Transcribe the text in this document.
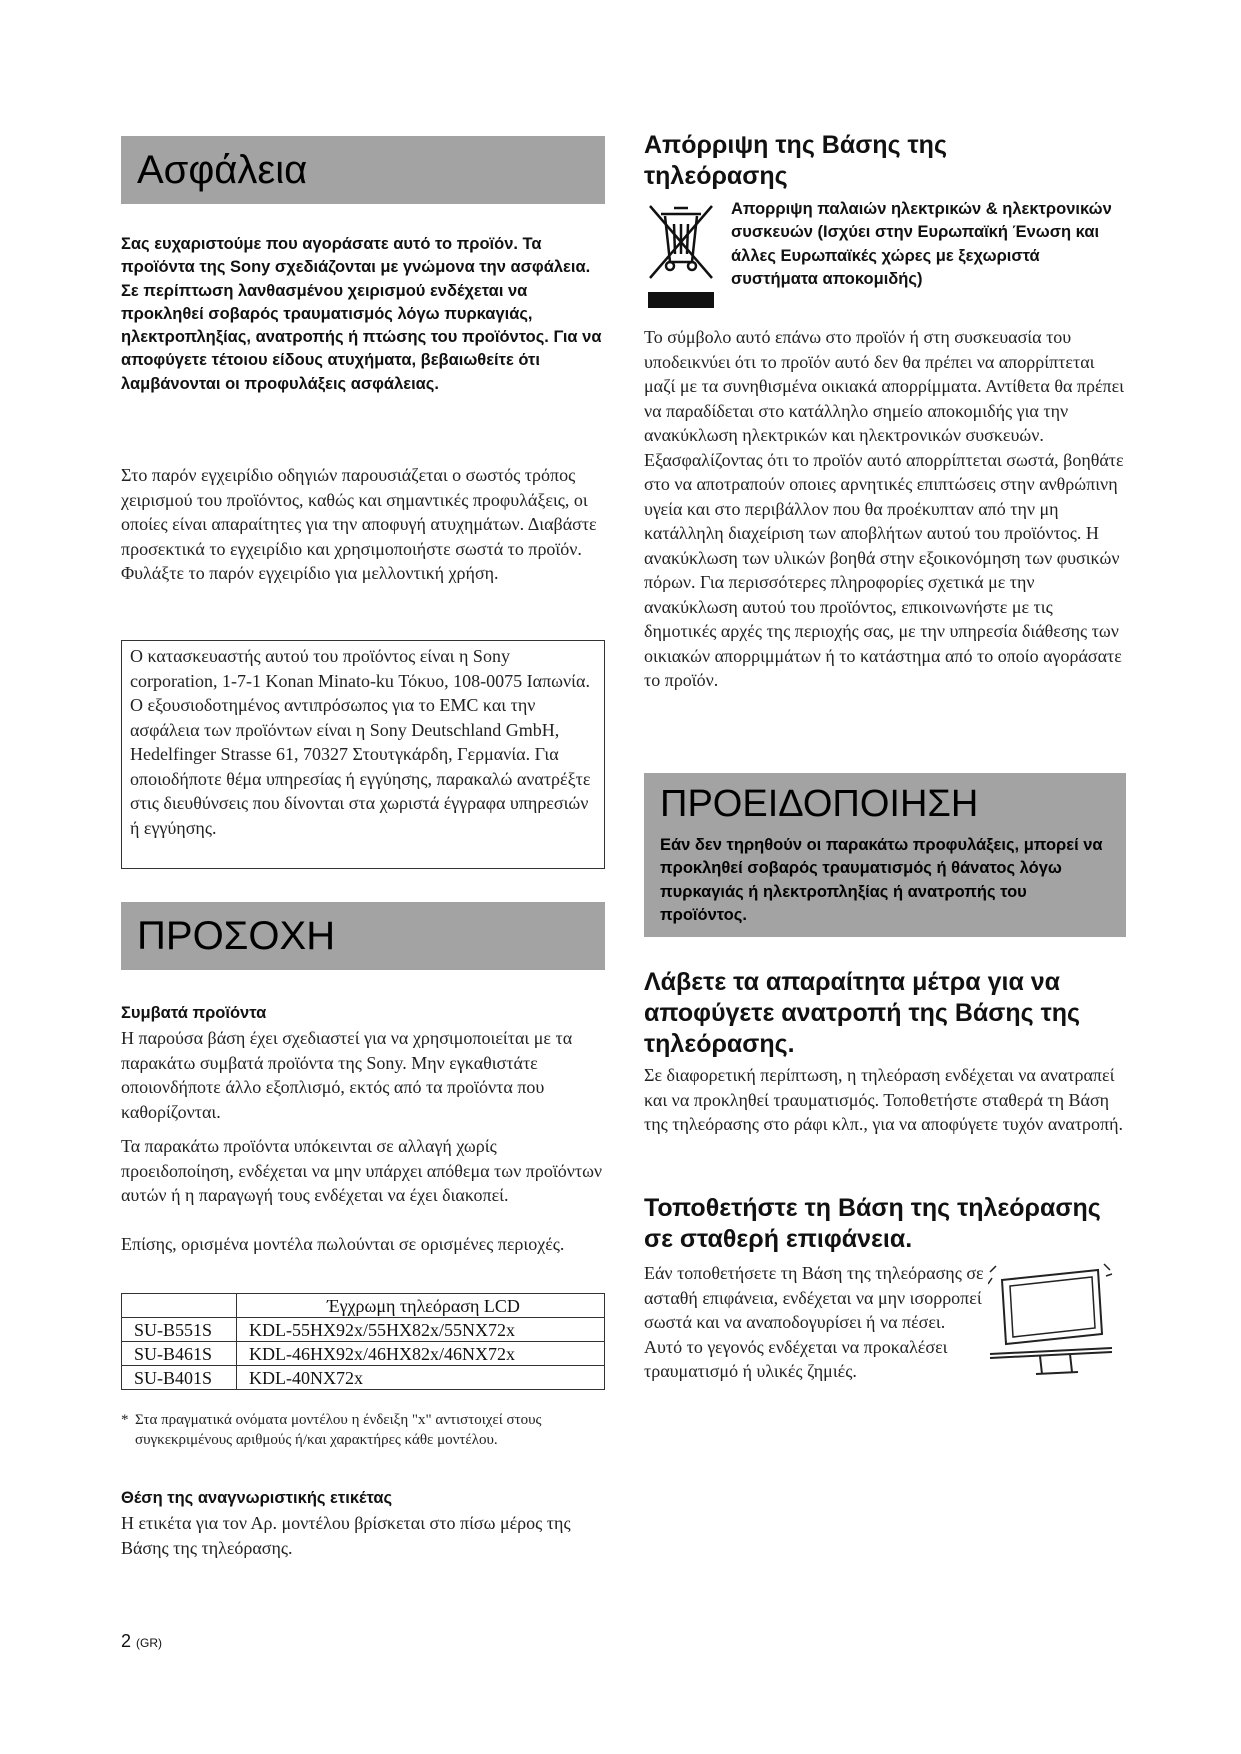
Ασφάλεια

Σας ευχαριστούμε που αγοράσατε αυτό το προϊόν. Τα προϊόντα της Sony σχεδιάζονται με γνώμονα την ασφάλεια. Σε περίπτωση λανθασμένου χειρισμού ενδέχεται να προκληθεί σοβαρός τραυματισμός λόγω πυρκαγιάς, ηλεκτροπληξίας, ανατροπής ή πτώσης του προϊόντος. Για να αποφύγετε τέτοιου είδους ατυχήματα, βεβαιωθείτε ότι λαμβάνονται οι προφυλάξεις ασφάλειας.

Στο παρόν εγχειρίδιο οδηγιών παρουσιάζεται ο σωστός τρόπος χειρισμού του προϊόντος, καθώς και σημαντικές προφυλάξεις, οι οποίες είναι απαραίτητες για την αποφυγή ατυχημάτων. Διαβάστε προσεκτικά το εγχειρίδιο και χρησιμοποιήστε σωστά το προϊόν. Φυλάξτε το παρόν εγχειρίδιο για μελλοντική χρήση.

Ο κατασκευαστής αυτού του προϊόντος είναι η Sony corporation, 1-7-1 Konan Minato-ku Τόκυο, 108-0075 Ιαπωνία. Ο εξουσιοδοτημένος αντιπρόσωπος για το EMC και την ασφάλεια των προϊόντων είναι η Sony Deutschland GmbH, Hedelfinger Strasse 61, 70327 Στουτγκάρδη, Γερμανία. Για οποιοδήποτε θέμα υπηρεσίας ή εγγύησης, παρακαλώ ανατρέξτε στις διευθύνσεις που δίνονται στα χωριστά έγγραφα υπηρεσιών ή εγγύησης.

ΠΡΟΣΟΧΗ
Συμβατά προϊόντα

Η παρούσα βάση έχει σχεδιαστεί για να χρησιμοποιείται με τα παρακάτω συμβατά προϊόντα της Sony. Μην εγκαθιστάτε οποιονδήποτε άλλο εξοπλισμό, εκτός από τα προϊόντα που καθορίζονται.

Τα παρακάτω προϊόντα υπόκεινται σε αλλαγή χωρίς προειδοποίηση, ενδέχεται να μην υπάρχει απόθεμα των προϊόντων αυτών ή η παραγωγή τους ενδέχεται να έχει διακοπεί.

Επίσης, ορισμένα μοντέλα πωλούνται σε ορισμένες περιοχές.

	Έγχρωμη τηλεόραση LCD
SU-B551S	KDL-55HX92x/55HX82x/55NX72x
SU-B461S	KDL-46HX92x/46HX82x/46NX72x
SU-B401S	KDL-40NX72x
* Στα πραγματικά ονόματα μοντέλου η ένδειξη "x" αντιστοιχεί στους συγκεκριμένους αριθμούς ή/και χαρακτήρες κάθε μοντέλου.

Θέση της αναγνωριστικής ετικέτας

Η ετικέτα για τον Αρ. μοντέλου βρίσκεται στο πίσω μέρος της Βάσης της τηλεόρασης.

2 (GR)
Απόρριψη της Βάσης της τηλεόρασης

Απορριψη παλαιών ηλεκτρικών & ηλεκτρονικών συσκευών (Ισχύει στην Ευρωπαϊκή Ένωση και άλλες Ευρωπαϊκές χώρες με ξεχωριστά συστήματα αποκομιδής)

Το σύμβολο αυτό επάνω στο προϊόν ή στη συσκευασία του υποδεικνύει ότι το προϊόν αυτό δεν θα πρέπει να απορρίπτεται μαζί με τα συνηθισμένα οικιακά απορρίμματα. Αντίθετα θα πρέπει να παραδίδεται στο κατάλληλο σημείο αποκομιδής για την ανακύκλωση ηλεκτρικών και ηλεκτρονικών συσκευών. Εξασφαλίζοντας ότι το προϊόν αυτό απορρίπτεται σωστά, βοηθάτε στο να αποτραπούν οποιες αρνητικές επιπτώσεις στην ανθρώπινη υγεία και στο περιβάλλον που θα προέκυπταν από την μη κατάλληλη διαχείριση των αποβλήτων αυτού του προϊόντος. Η ανακύκλωση των υλικών βοηθά στην εξοικονόμηση των φυσικών πόρων. Για περισσότερες πληροφορίες σχετικά με την ανακύκλωση αυτού του προϊόντος, επικοινωνήστε με τις δημοτικές αρχές της περιοχής σας, με την υπηρεσία διάθεσης των οικιακών απορριμμάτων ή το κατάστημα από το οποίο αγοράσατε το προϊόν.

ΠΡΟΕΙΔΟΠΟΙΗΣΗ

Εάν δεν τηρηθούν οι παρακάτω προφυλάξεις, μπορεί να προκληθεί σοβαρός τραυματισμός ή θάνατος λόγω πυρκαγιάς ή ηλεκτροπληξίας ή ανατροπής του προϊόντος.

Λάβετε τα απαραίτητα μέτρα για να αποφύγετε ανατροπή της Βάσης της τηλεόρασης.

Σε διαφορετική περίπτωση, η τηλεόραση ενδέχεται να ανατραπεί και να προκληθεί τραυματισμός. Τοποθετήστε σταθερά τη Βάση της τηλεόρασης στο ράφι κλπ., για να αποφύγετε τυχόν ανατροπή.

Τοποθετήστε τη Βάση της τηλεόρασης σε σταθερή επιφάνεια.

Εάν τοποθετήσετε τη Βάση της τηλεόρασης σε ασταθή επιφάνεια, ενδέχεται να μην ισορροπεί σωστά και να αναποδογυρίσει ή να πέσει. Αυτό το γεγονός ενδέχεται να προκαλέσει τραυματισμό ή υλικές ζημιές.
